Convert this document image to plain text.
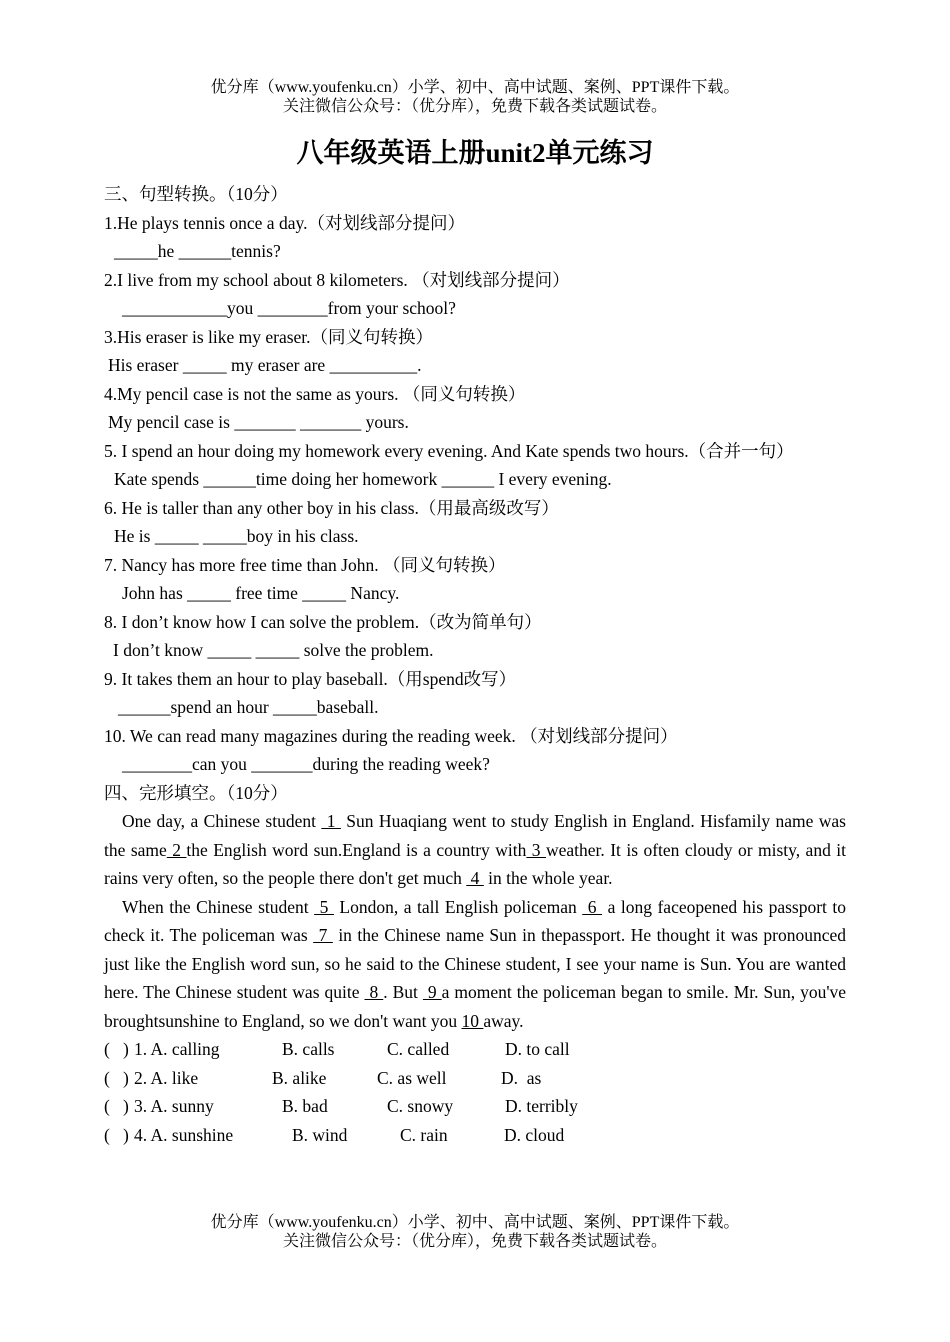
优分库（www.youfenku.cn）小学、初中、高中试题、案例、PPT课件下载。
关注微信公众号：（优分库），免费下载各类试题试卷。
八年级英语上册unit2单元练习
三、句型转换。（10分）
1.He plays tennis once a day.（对划线部分提问）
_____he ______tennis?
2.I live from my school about 8 kilometers. （对划线部分提问）
____________you ________from your school?
3.His eraser is like my eraser.（同义句转换）
His eraser _____ my eraser are __________.
4.My pencil case is not the same as yours. （同义句转换）
My pencil case is _______ _______ yours.
5. I spend an hour doing my homework every evening. And Kate spends two hours.（合并一句）
Kate spends ______time doing her homework ______ I every evening.
6. He is taller than any other boy in his class.（用最高级改写）
He is _____ _____boy in his class.
7. Nancy has more free time than John. （同义句转换）
John has _____ free time _____ Nancy.
8. I don’t know how I can solve the problem.（改为简单句）
I don’t know _____ _____ solve the problem.
9. It takes them an hour to play baseball.（用spend改写）
______spend an hour _____baseball.
10. We can read many magazines during the reading week. （对划线部分提问）
________can you _______during the reading week?
四、完形填空。（10分）
One day, a Chinese student  1  Sun Huaqiang went to study English in England. Hisfamily name was the same 2 the English word sun.England is a country with 3 weather. It is often cloudy or misty, and it rains very often, so the people there don't get much  4  in the whole year.
When the Chinese student  5  London, a tall English policeman  6  a long faceopened his passport to check it. The policeman was  7  in the Chinese name Sun in thepassport. He thought it was pronounced just like the English word sun, so he said to the Chinese student, I see your name is Sun. You are wanted here. The Chinese student was quite  8 . But  9 a moment the policeman began to smile. Mr. Sun, you've broughtsunshine to England, so we don't want you 10 away.
(   ) 1. A. calling	B. calls	C. called	D. to call
(   ) 2. A. like	B. alike	C. as well	D.  as
(   ) 3. A. sunny	B. bad	C. snowy	D. terribly
(   ) 4. A. sunshine	B. wind	C. rain	D. cloud
优分库（www.youfenku.cn）小学、初中、高中试题、案例、PPT课件下载。
关注微信公众号：（优分库），免费下载各类试题试卷。
